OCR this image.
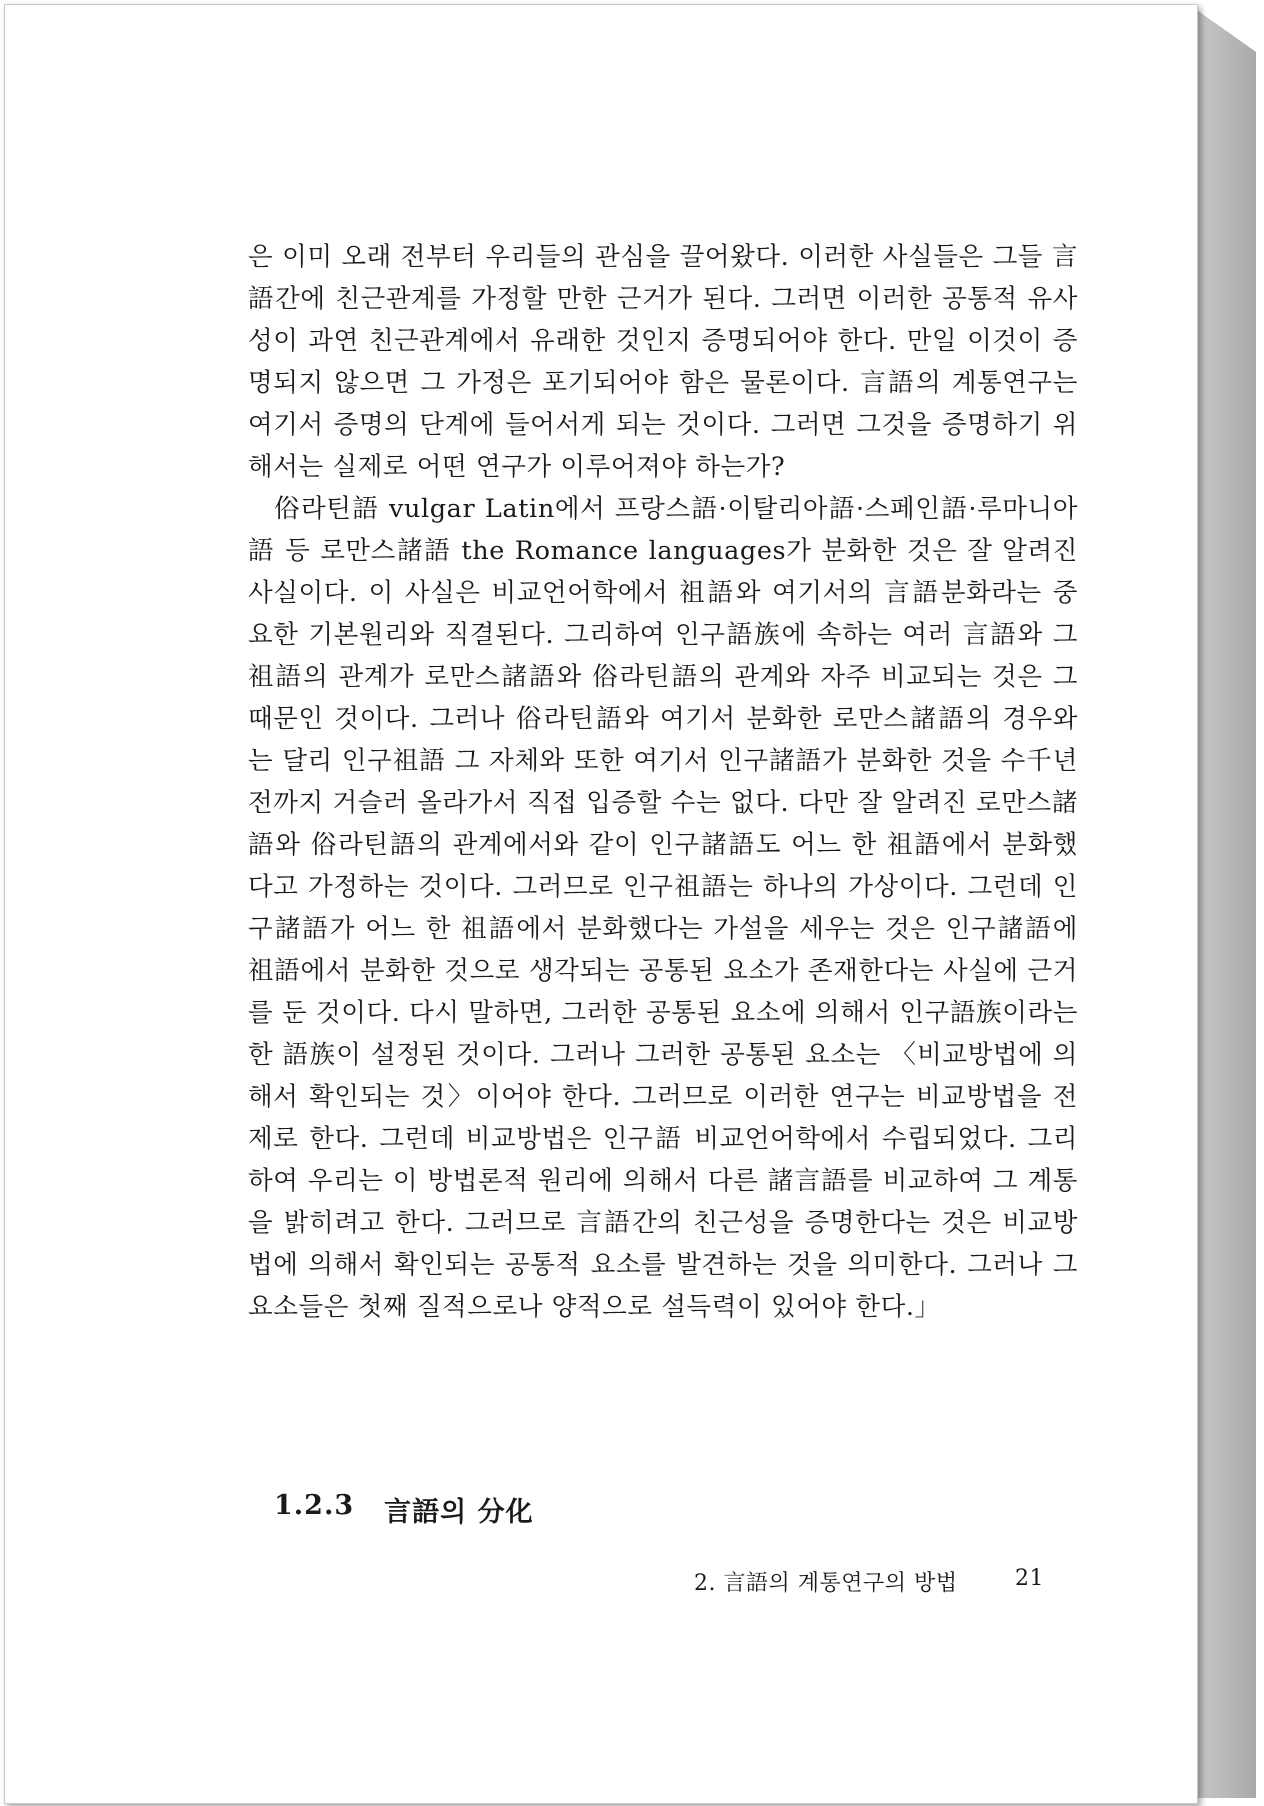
은 이미 오래 전부터 우리들의 관심을 끌어왔다. 이러한 사실들은 그들 言語간에 친근관계를 가정할 만한 근거가 된다. 그러면 이러한 공통적 유사성이 과연 친근관계에서 유래한 것인지 증명되어야 한다. 만일 이것이 증명되지 않으면 그 가정은 포기되어야 함은 물론이다. 言語의 계통연구는 여기서 증명의 단계에 들어서게 되는 것이다. 그러면 그것을 증명하기 위해서는 실제로 어떤 연구가 이루어져야 하는가?

俗라틴語 vulgar Latin에서 프랑스語·이탈리아語·스페인語·루마니아語 등 로만스諸語 the Romance languages가 분화한 것은 잘 알려진 사실이다. 이 사실은 비교언어학에서 祖語와 여기서의 言語분화라는 중요한 기본원리와 직결된다. 그리하여 인구語族에 속하는 여러 言語와 그 祖語의 관계가 로만스諸語와 俗라틴語의 관계와 자주 비교되는 것은 그 때문인 것이다. 그러나 俗라틴語와 여기서 분화한 로만스諸語의 경우와는 달리 인구祖語 그 자체와 또한 여기서 인구諸語가 분화한 것을 수千년 전까지 거슬러 올라가서 직접 입증할 수는 없다. 다만 잘 알려진 로만스諸語와 俗라틴語의 관계에서와 같이 인구諸語도 어느 한 祖語에서 분화했다고 가정하는 것이다. 그러므로 인구祖語는 하나의 가상이다. 그런데 인구諸語가 어느 한 祖語에서 분화했다는 가설을 세우는 것은 인구諸語에 祖語에서 분화한 것으로 생각되는 공통된 요소가 존재한다는 사실에 근거를 둔 것이다. 다시 말하면, 그러한 공통된 요소에 의해서 인구語族이라는 한 語族이 설정된 것이다. 그러나 그러한 공통된 요소는 〈비교방법에 의해서 확인되는 것〉이어야 한다. 그러므로 이러한 연구는 비교방법을 전제로 한다. 그런데 비교방법은 인구語 비교언어학에서 수립되었다. 그리하여 우리는 이 방법론적 원리에 의해서 다른 諸言語를 비교하여 그 계통을 밝히려고 한다. 그러므로 言語간의 친근성을 증명한다는 것은 비교방법에 의해서 확인되는 공통적 요소를 발견하는 것을 의미한다. 그러나 그 요소들은 첫째 질적으로나 양적으로 설득력이 있어야 한다.」

1.2.3 言語의 分化
2. 言語의 계통연구의 방법	21
